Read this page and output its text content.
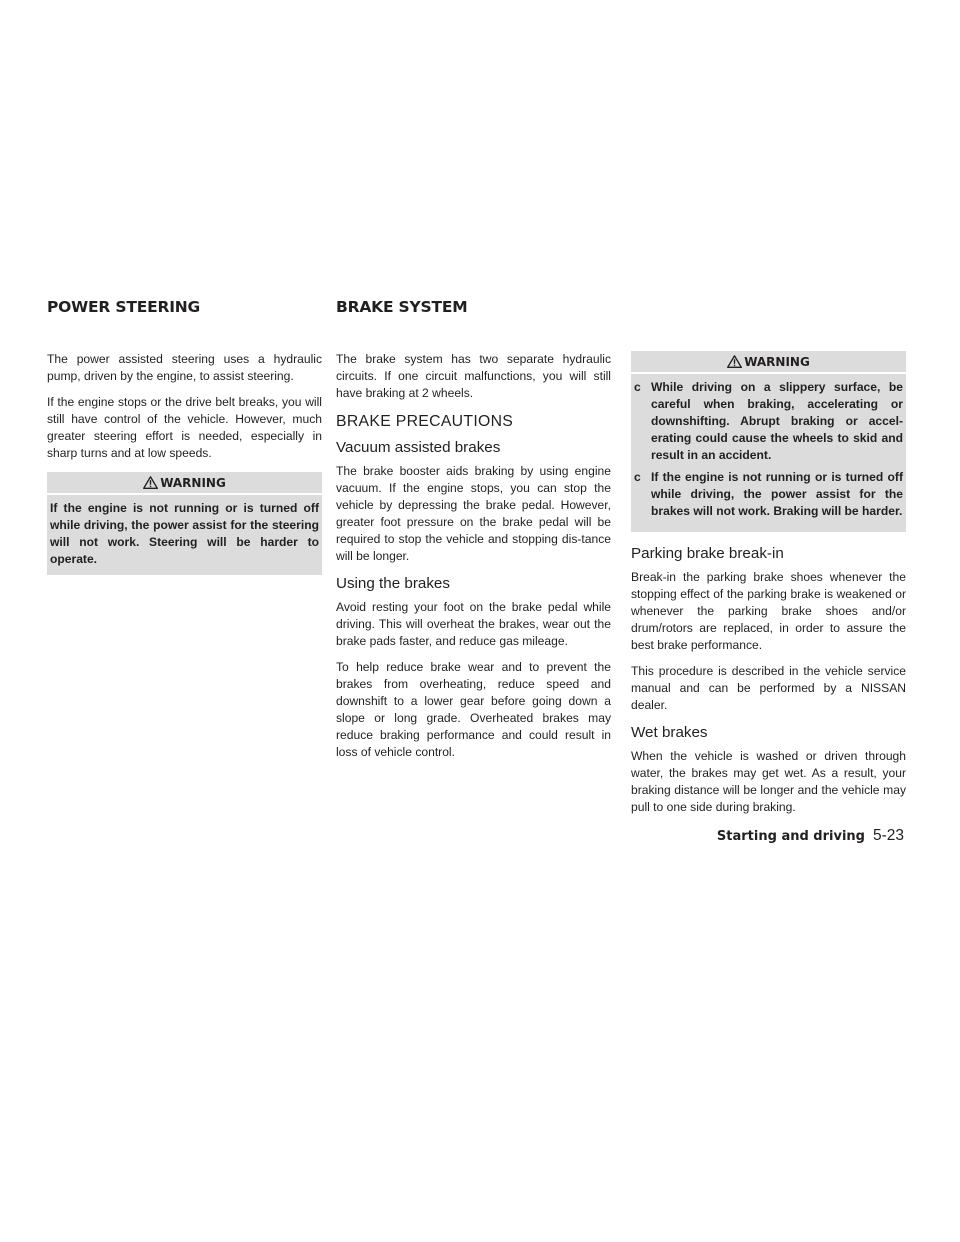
POWER STEERING	BRAKE SYSTEM

The power assisted steering uses a hydraulic pump, driven by the engine, to assist steering.

If the engine stops or the drive belt breaks, you will still have control of the vehicle. However, much greater steering effort is needed, especially in sharp turns and at low speeds.

WARNING
If the engine is not running or is turned off while driving, the power assist for the steering will not work. Steering will be harder to operate.

The brake system has two separate hydraulic circuits. If one circuit malfunctions, you will still have braking at 2 wheels.

BRAKE PRECAUTIONS
Vacuum assisted brakes

The brake booster aids braking by using engine vacuum. If the engine stops, you can stop the vehicle by depressing the brake pedal. However, greater foot pressure on the brake pedal will be required to stop the vehicle and stopping dis-tance will be longer.

Using the brakes

Avoid resting your foot on the brake pedal while driving. This will overheat the brakes, wear out the brake pads faster, and reduce gas mileage.

To help reduce brake wear and to prevent the brakes from overheating, reduce speed and downshift to a lower gear before going down a slope or long grade. Overheated brakes may reduce braking performance and could result in loss of vehicle control.

WARNING
c While driving on a slippery surface, be careful when braking, accelerating or downshifting. Abrupt braking or accel-erating could cause the wheels to skid and result in an accident.
c If the engine is not running or is turned off while driving, the power assist for the brakes will not work. Braking will be harder.
Parking brake break-in

Break-in the parking brake shoes whenever the stopping effect of the parking brake is weakened or whenever the parking brake shoes and/or drum/rotors are replaced, in order to assure the best brake performance.

This procedure is described in the vehicle service manual and can be performed by a NISSAN dealer.

Wet brakes

When the vehicle is washed or driven through water, the brakes may get wet. As a result, your braking distance will be longer and the vehicle may pull to one side during braking.

Starting and driving 5-23
